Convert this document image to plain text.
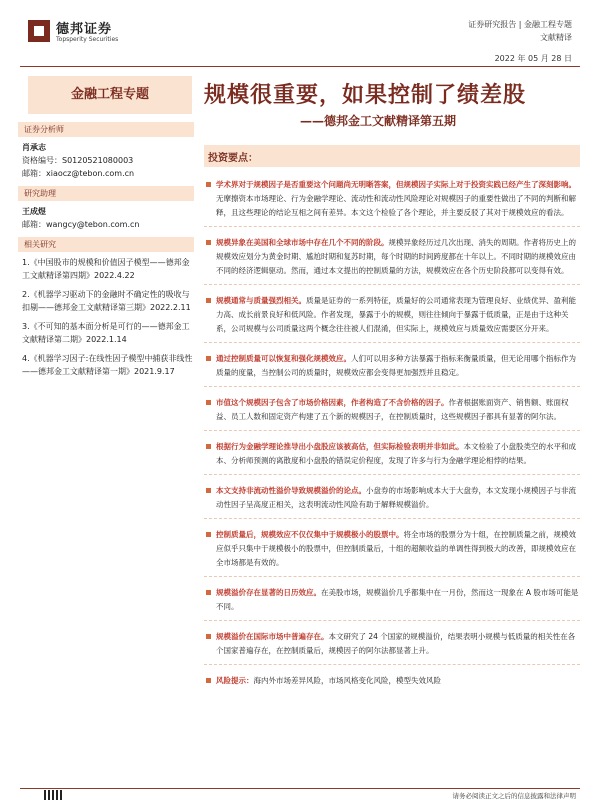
德邦证券
Topsperity Securities
证券研究报告 | 金融工程专题
文献精译
2022 年 05 月 28 日
金融工程专题
证券分析师
肖承志
资格编号：S0120521080003
邮箱：xiaocz@tebon.com.cn
研究助理
王成煜
邮箱：wangcy@tebon.com.cn
相关研究
1.《中国股市的规模和价值因子模型——德邦金工文献精译第四期》2022.4.22
2.《机器学习驱动下的金融时不确定性的吸收与扣剔——德邦金工文献精译第三期》2022.2.11
3.《不可知的基本面分析是可行的——德邦金工文献精译第二期》2022.1.14
4.《机器学习因子:在线性因子模型中捕获非线性——德邦金工文献精译第一期》2021.9.17
规模很重要，如果控制了绩差股
——德邦金工文献精译第五期
投资要点：
学术界对于规模因子是否重要这个问题尚无明晰答案，但规模因子实际上对于投资实践已经产生了深刻影响。无摩擦资本市场理论、行为金融学理论、流动性和流动性风险理论对规模因子的重要性做出了不同的判断和解释，且这些理论的结论互相之间有差异。本文这个检验了各个理论，并主要反驳了其对于规模效应的看法。
规模异象在美国和全球市场中存在几个不同的阶段。规模异象经历过几次出现、消失的周期。作者将历史上的规模效应划分为黄金时期、尴尬时期和复苏时期，每个时期的时间跨度都在十年以上。不同时期的规模效应由不同的经济逻辑驱动。然而，通过本文提出的控制质量的方法，规模效应在各个历史阶段都可以变得有效。
规模通常与质量强烈相关。质量是证券的一系列特征，质量好的公司通常表现为管理良好、业绩优异、盈利能力高、成长前景良好和低风险。作者发现，暴露于小的规模，则往往倾向于暴露于低质量，正是由于这种关系，公司规模与公司质量这两个概念往往被人们混淆，但实际上，规模效应与质量效应需要区分开来。
通过控制质量可以恢复和强化规模效应。人们可以用多种方法暴露于指标来衡量质量，但无论用哪个指标作为质量的度量，当控制公司的质量时，规模效应都会变得更加强烈并且稳定。
市值这个规模因子包含了市场价格因素，作者构造了不含价格的因子。作者根据账面资产、销售额、账面权益、员工人数和固定资产构建了五个新的规模因子，在控制质量时，这些规模因子都具有显著的阿尔法。
根据行为金融学理论推导出小盘股应该被高估，但实际检验表明并非如此。本文检验了小盘股类空的水平和成本、分析师预测的离散度和小盘股的错误定价程度，发现了许多与行为金融学理论相悖的结果。
本文支持非流动性溢价导致规模溢价的论点。小盘券的市场影响成本大于大盘券，本文发现小规模因子与非流动性因子呈高度正相关，这表明流动性风险有助于解释规模溢价。
控制质量后，规模效应不仅仅集中于规模极小的股票中。将全市场的股票分为十组，在控制质量之前，规模效应似乎只集中于规模极小的股票中，但控制质量后，十组的超额收益的单调性得到极大的改善，即规模效应在全市场都是有效的。
规模溢价存在显著的日历效应。在美股市场，规模溢价几乎都集中在一月份，然而这一现象在 A 股市场可能是不同。
规模溢价在国际市场中普遍存在。本文研究了 24 个国家的规模溢价，结果表明小规模与低质量的相关性在各个国家普遍存在，在控制质量后，规模因子的阿尔法都显著上升。
风险提示：海内外市场差异风险，市场风格变化风险，模型失效风险
请务必阅读正文之后的信息披露和法律声明
